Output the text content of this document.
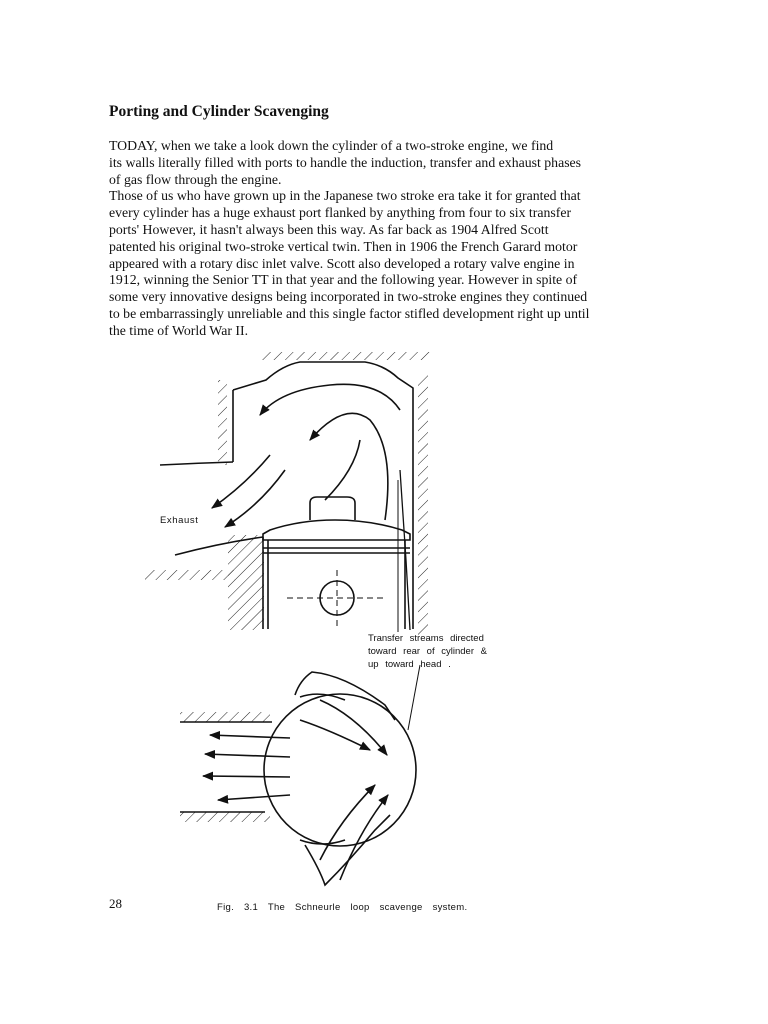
Porting and Cylinder Scavenging
TODAY, when we take a look down the cylinder of a two-stroke engine, we find
its walls literally filled with ports to handle the induction, transfer and exhaust phases
of gas flow through the engine.
Those of us who have grown up in the Japanese two stroke era take it for granted that
every cylinder has a huge exhaust port flanked by anything from four to six transfer
ports' However, it hasn't always been this way. As far back as 1904 Alfred Scott
patented his original two-stroke vertical twin. Then in 1906 the French Garard motor
appeared with a rotary disc inlet valve. Scott also developed a rotary valve engine in
1912, winning the Senior TT in that year and the following year. However in spite of
some very innovative designs being incorporated in two-stroke engines they continued
to be embarrassingly unreliable and this single factor stifled development right up until
the time of World War II.
Exhaust
Transfer streams directed
toward rear of cylinder &
up toward head .
28	Fig. 3.1 The Schneurle loop scavenge system.
